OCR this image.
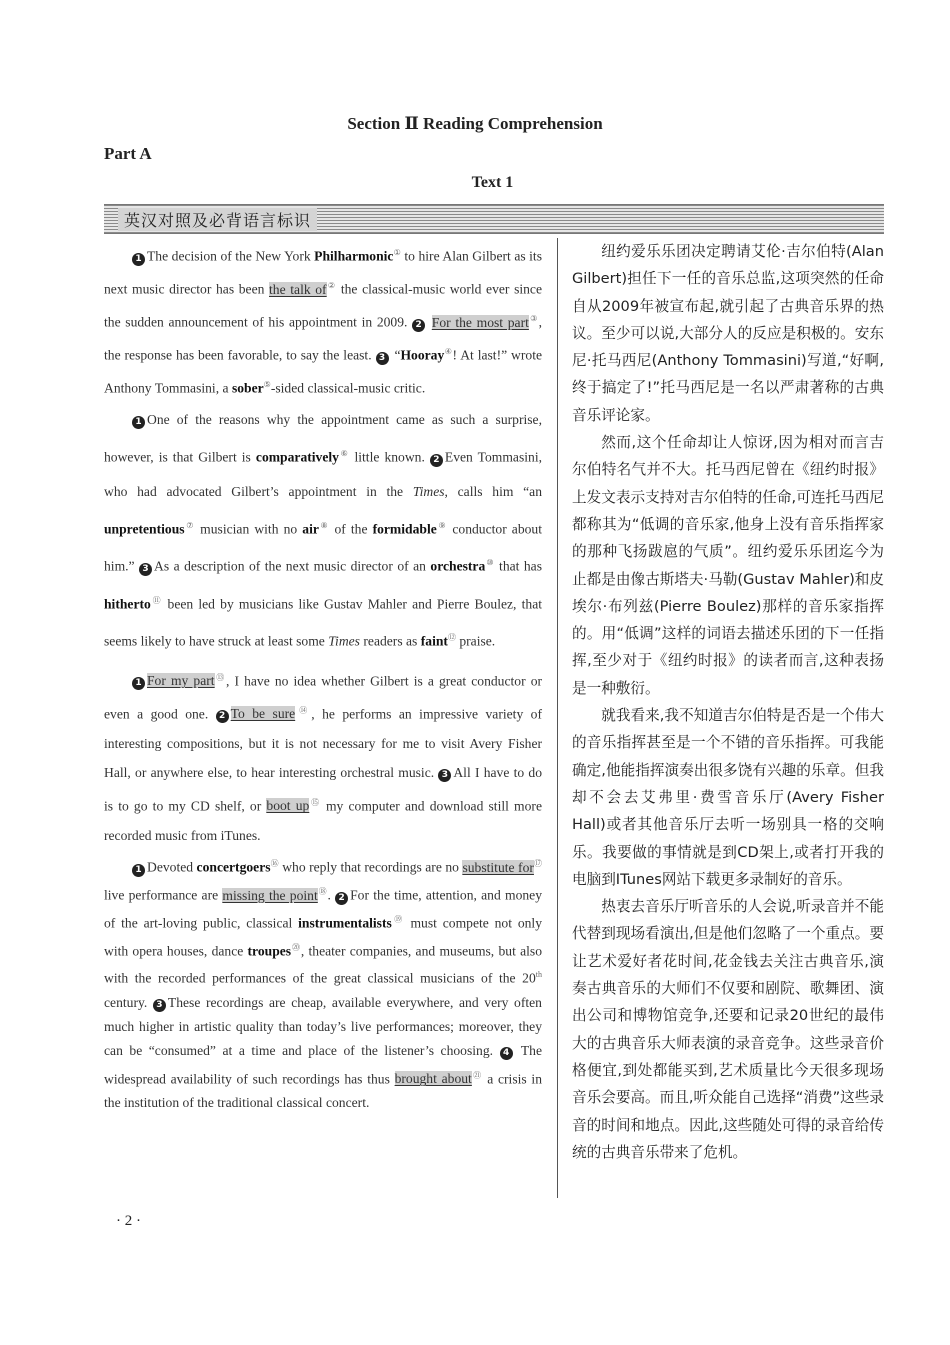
Section Ⅱ Reading Comprehension
Part A
Text 1
英汉对照及必背语言标识

1 The decision of the New York Philharmonic① to hire Alan Gilbert as its next music director has been the talk of② the classical-music world ever since the sudden announcement of his appointment in 2009. 2 For the most part③, the response has been favorable, to say the least. 3 “Hooray④! At last!” wrote Anthony Tommasini, a sober⑤-sided classical-music critic.

1 One of the reasons why the appointment came as such a surprise, however, is that Gilbert is comparatively⑥ little known. 2 Even Tommasini, who had advocated Gilbert’s appointment in the Times, calls him “an unpretentious⑦ musician with no air⑧ of the formidable⑨ conductor about him.” 3 As a description of the next music director of an orchestra⑩ that has hitherto⑪ been led by musicians like Gustav Mahler and Pierre Boulez, that seems likely to have struck at least some Times readers as faint⑫ praise.

1 For my part⑬, I have no idea whether Gilbert is a great conductor or even a good one. 2 To be sure⑭, he performs an impressive variety of interesting compositions, but it is not necessary for me to visit Avery Fisher Hall, or anywhere else, to hear interesting orchestral music. 3 All I have to do is to go to my CD shelf, or boot up⑮ my computer and download still more recorded music from iTunes.

1 Devoted concertgoers⑯ who reply that recordings are no substitute for⑰ live performance are missing the point⑱. 2 For the time, attention, and money of the art-loving public, classical instrumentalists⑲ must compete not only with opera houses, dance troupes⑳, theater companies, and museums, but also with the recorded performances of the great classical musicians of the 20th century. 3 These recordings are cheap, available everywhere, and very often much higher in artistic quality than today’s live performances; moreover, they can be “consumed” at a time and place of the listener’s choosing. 4 The widespread availability of such recordings has thus brought about$^㉑$ a crisis in the institution of the traditional classical concert.

纽约爱乐乐团决定聘请艾伦·吉尔伯特(Alan Gilbert)担任下一任的音乐总监,这项突然的任命自从2009年被宣布起,就引起了古典音乐界的热议。至少可以说,大部分人的反应是积极的。安东尼·托马西尼(Anthony Tommasini)写道,“好啊,终于搞定了!”托马西尼是一名以严肃著称的古典音乐评论家。

然而,这个任命却让人惊讶,因为相对而言吉尔伯特名气并不大。托马西尼曾在《纽约时报》上发文表示支持对吉尔伯特的任命,可连托马西尼都称其为“低调的音乐家,他身上没有音乐指挥家的那种飞扬跋扈的气质”。纽约爱乐乐团迄今为止都是由像古斯塔夫·马勒(Gustav Mahler)和皮埃尔·布列兹(Pierre Boulez)那样的音乐家指挥的。用“低调”这样的词语去描述乐团的下一任指挥,至少对于《纽约时报》的读者而言,这种表扬是一种敷衍。

就我看来,我不知道吉尔伯特是否是一个伟大的音乐指挥甚至是一个不错的音乐指挥。可我能确定,他能指挥演奏出很多饶有兴趣的乐章。但我却不会去艾弗里·费雪音乐厅(Avery Fisher Hall)或者其他音乐厅去听一场别具一格的交响乐。我要做的事情就是到CD架上,或者打开我的电脑到ITunes网站下载更多录制好的音乐。

热衷去音乐厅听音乐的人会说,听录音并不能代替到现场看演出,但是他们忽略了一个重点。要让艺术爱好者花时间,花金钱去关注古典音乐,演奏古典音乐的大师们不仅要和剧院、歌舞团、演出公司和博物馆竞争,还要和记录20世纪的最伟大的古典音乐大师表演的录音竞争。这些录音价格便宜,到处都能买到,艺术质量比今天很多现场音乐会要高。而且,听众能自己选择“消费”这些录音的时间和地点。因此,这些随处可得的录音给传统的古典音乐带来了危机。

· 2 ·
